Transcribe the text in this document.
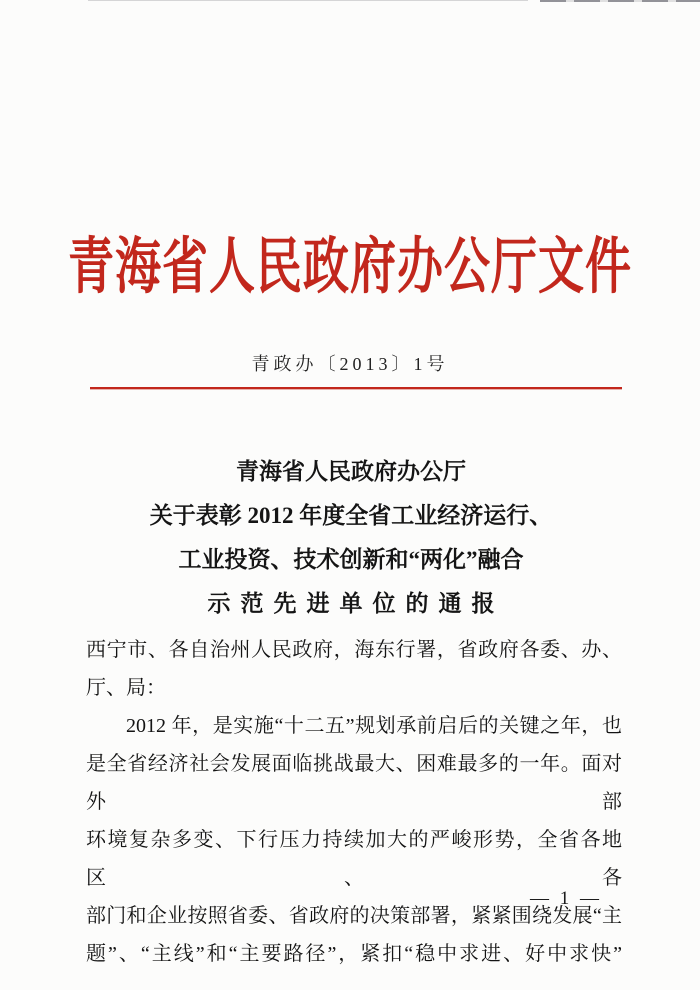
青海省人民政府办公厅文件
青政办〔2013〕1号
青海省人民政府办公厅
关于表彰 2012 年度全省工业经济运行、
工业投资、技术创新和“两化”融合
示范先进单位的通报
西宁市、各自治州人民政府，海东行署，省政府各委、办、
厅、局：
2012 年，是实施“十二五”规划承前启后的关键之年，也
是全省经济社会发展面临挑战最大、困难最多的一年。面对外部
环境复杂多变、下行压力持续加大的严峻形势，全省各地区、各
部门和企业按照省委、省政府的决策部署，紧紧围绕发展“主
题”、“主线”和“主要路径”，紧扣“稳中求进、好中求快”
— 1 —
